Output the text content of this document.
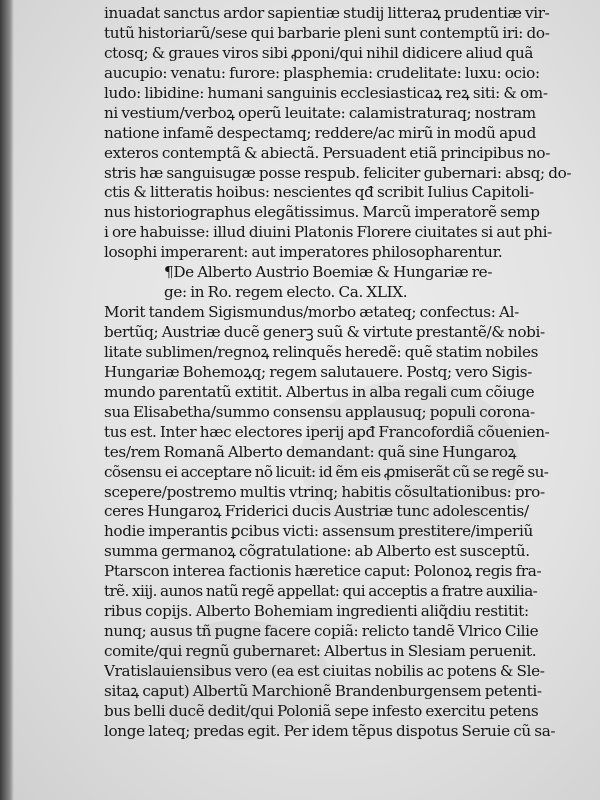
inuadat sanctus ardor sapientiæ studij litteraꝝ prudentiæ vir-
tutũ historiarũ/sese qui barbarie pleni sunt contemptũ iri: do-
ctosq; & graues viros sibi ꝓponi/qui nihil didicere aliud quã
aucupio: venatu: furore: plasphemia: crudelitate: luxu: ocio:
ludo: libidine: humani sanguinis ecclesiasticaꝝ reꝝ siti: & om-
ni vestium/verboꝝ operũ leuitate: calamistraturaq; nostram
natione infamẽ despectamq; reddere/ac mirũ in modũ apud
exteros contemptã & abiectã. Persuadent etiã principibus no-
stris hæ sanguisugæ posse respub. feliciter gubernari: absq; do-
ctis & litteratis hoibus: nescientes qđ scribit Iulius Capitoli-
nus historiographus elegãtissimus. Marcũ imperatorẽ semp
i ore habuisse: illud diuini Platonis Florere ciuitates si aut phi-
losophi imperarent: aut imperatores philosopharentur.
¶De Alberto Austrio Boemiæ & Hungariæ re-
ge: in Ro. regem electo. Ca. XLIX.
Morit tandem Sigismundus/morbo ætateq; confectus: Al-
bertũq; Austriæ ducẽ generꝫ suũ & virtute prestantẽ/& nobi-
litate sublimen/regnoꝝ relinquẽs heredẽ: quẽ statim nobiles
Hungariæ Bohemoꝝq; regem salutauere. Postq; vero Sigis-
mundo parentatũ extitit. Albertus in alba regali cum cõiuge
sua Elisabetha/summo consensu applausuq; populi corona-
tus est. Inter hæc electores iperij apđ Francofordiã cõuenien-
tes/rem Romanã Alberto demandant: quã sine Hungaroꝝ
cõsensu ei acceptare nõ licuit: id ẽm eis ꝓmiserãt cũ se regẽ su-
scepere/postremo multis vtrinq; habitis cõsultationibus: pro-
ceres Hungaroꝝ Friderici ducis Austriæ tunc adolescentis/
hodie imperantis ꝑcibus victi: assensum prestitere/imperiũ
summa germanoꝝ cõgratulatione: ab Alberto est susceptũ.
Ptarscon interea factionis hæretice caput: Polonoꝝ regis fra-
trẽ. xiij. aunos natũ regẽ appellat: qui acceptis a fratre auxilia-
ribus copijs. Alberto Bohemiam ingredienti aliq̃diu restitit:
nunq; ausus tñ pugne facere copiã: relicto tandẽ Vlrico Cilie
comite/qui regnũ gubernaret: Albertus in Slesiam peruenit.
Vratislauiensibus vero (ea est ciuitas nobilis ac potens & Sle-
sitaꝝ caput) Albertũ Marchionẽ Brandenburgensem petenti-
bus belli ducẽ dedit/qui Poloniã sepe infesto exercitu petens
longe lateq; predas egit. Per idem tẽpus dispotus Seruie cũ sa-
